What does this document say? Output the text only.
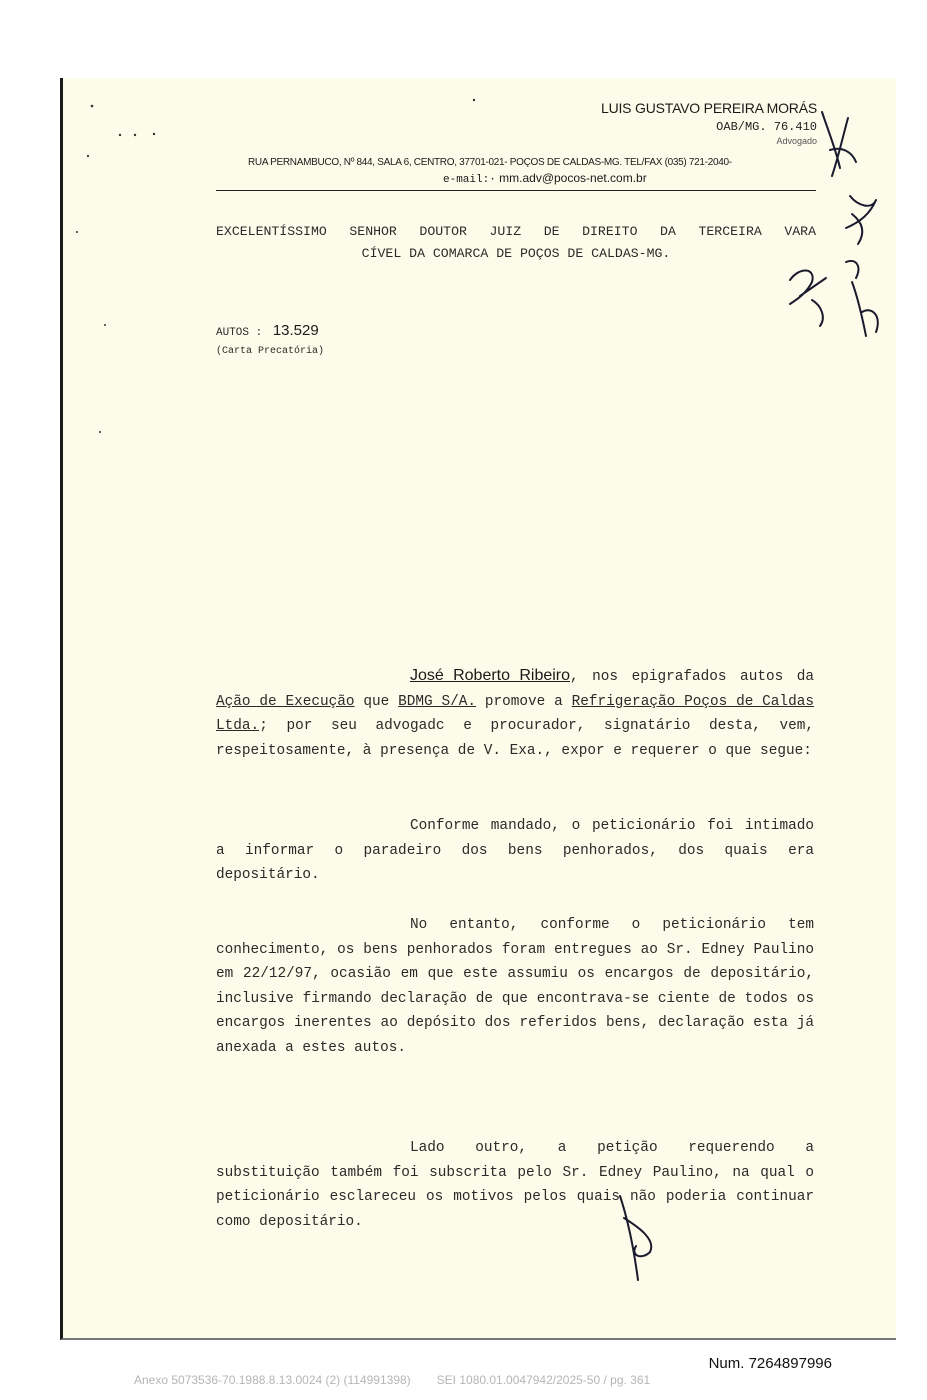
LUIS GUSTAVO PEREIRA MORÁS
OAB/MG. 76.410
Advogado
RUA PERNAMBUCO, Nº 844, SALA 6, CENTRO, 37701-021- POÇOS DE CALDAS-MG. TEL/FAX (035) 721-2040-
e-mail:· mm.adv@pocos-net.com.br
EXCELENTÍSSIMO SENHOR DOUTOR JUIZ DE DIREITO DA TERCEIRA VARA
CÍVEL DA COMARCA DE POÇOS DE CALDAS-MG.
AUTOS : 13.529
(Carta Precatória)
José Roberto Ribeiro, nos epigrafados autos da Ação de Execução que BDMG S/A. promove a Refrigeração Poços de Caldas Ltda.; por seu advogadc e procurador, signatário desta, vem, respeitosamente, à presença de V. Exa., expor e requerer o que segue:
Conforme mandado, o peticionário foi intimado a informar o paradeiro dos bens penhorados, dos quais era depositário.
No entanto, conforme o peticionário tem conhecimento, os bens penhorados foram entregues ao Sr. Edney Paulino em 22/12/97, ocasião em que este assumiu os encargos de depositário, inclusive firmando declaração de que encontrava-se ciente de todos os encargos inerentes ao depósito dos referidos bens, declaração esta já anexada a estes autos.
Lado outro, a petição requerendo a substituição também foi subscrita pelo Sr. Edney Paulino, na qual o peticionário esclareceu os motivos pelos quais não poderia continuar como depositário.
Num. 7264897996
Anexo 5073536-70.1988.8.13.0024 (2) (114991398) SEI 1080.01.0047942/2025-50 / pg. 361
